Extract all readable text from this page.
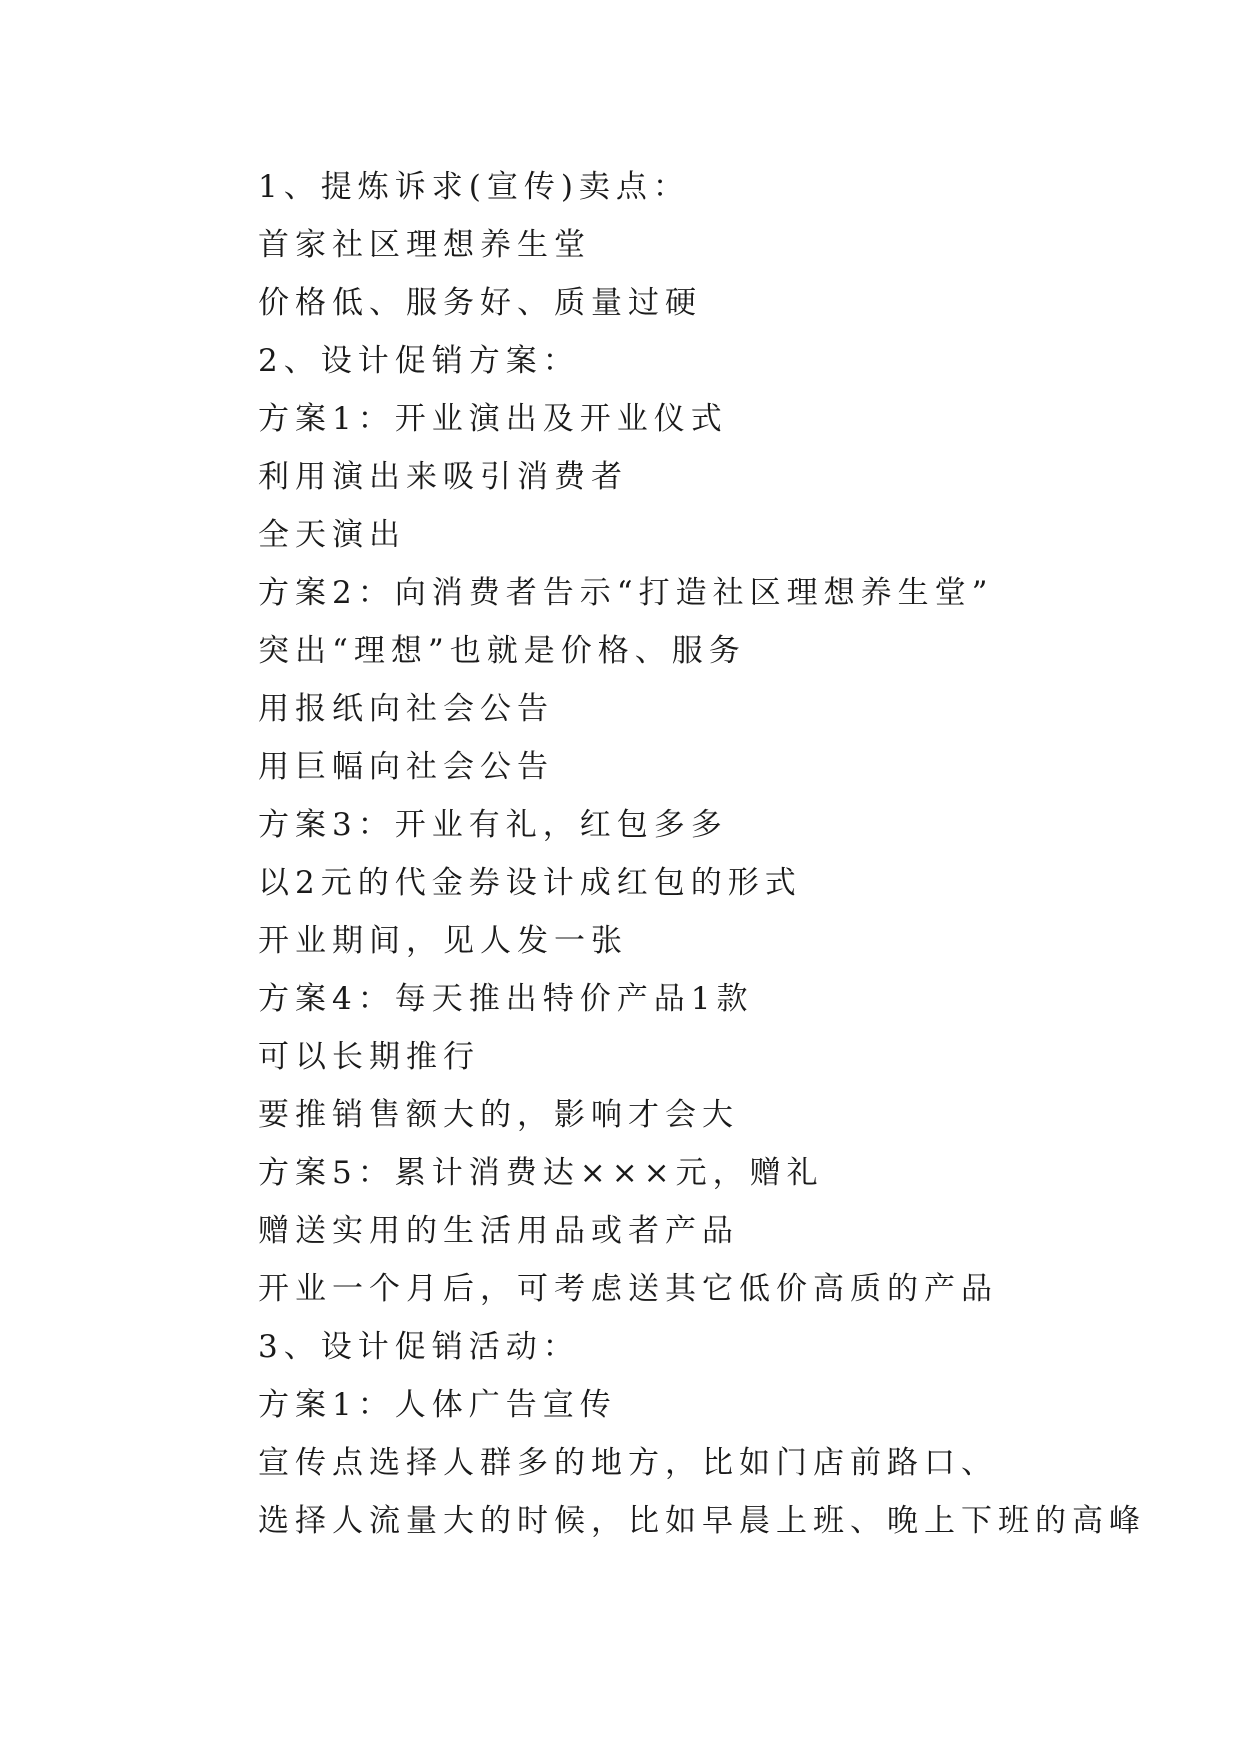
1、提炼诉求(宣传)卖点：
首家社区理想养生堂
价格低、服务好、质量过硬
2、设计促销方案：
方案1：开业演出及开业仪式
利用演出来吸引消费者
全天演出
方案2：向消费者告示“打造社区理想养生堂”
突出“理想”也就是价格、服务
用报纸向社会公告
用巨幅向社会公告
方案3：开业有礼，红包多多
以2元的代金券设计成红包的形式
开业期间，见人发一张
方案4：每天推出特价产品1款
可以长期推行
要推销售额大的，影响才会大
方案5：累计消费达×××元，赠礼
赠送实用的生活用品或者产品
开业一个月后，可考虑送其它低价高质的产品
3、设计促销活动：
方案1：人体广告宣传
宣传点选择人群多的地方，比如门店前路口、
选择人流量大的时候，比如早晨上班、晚上下班的高峰
